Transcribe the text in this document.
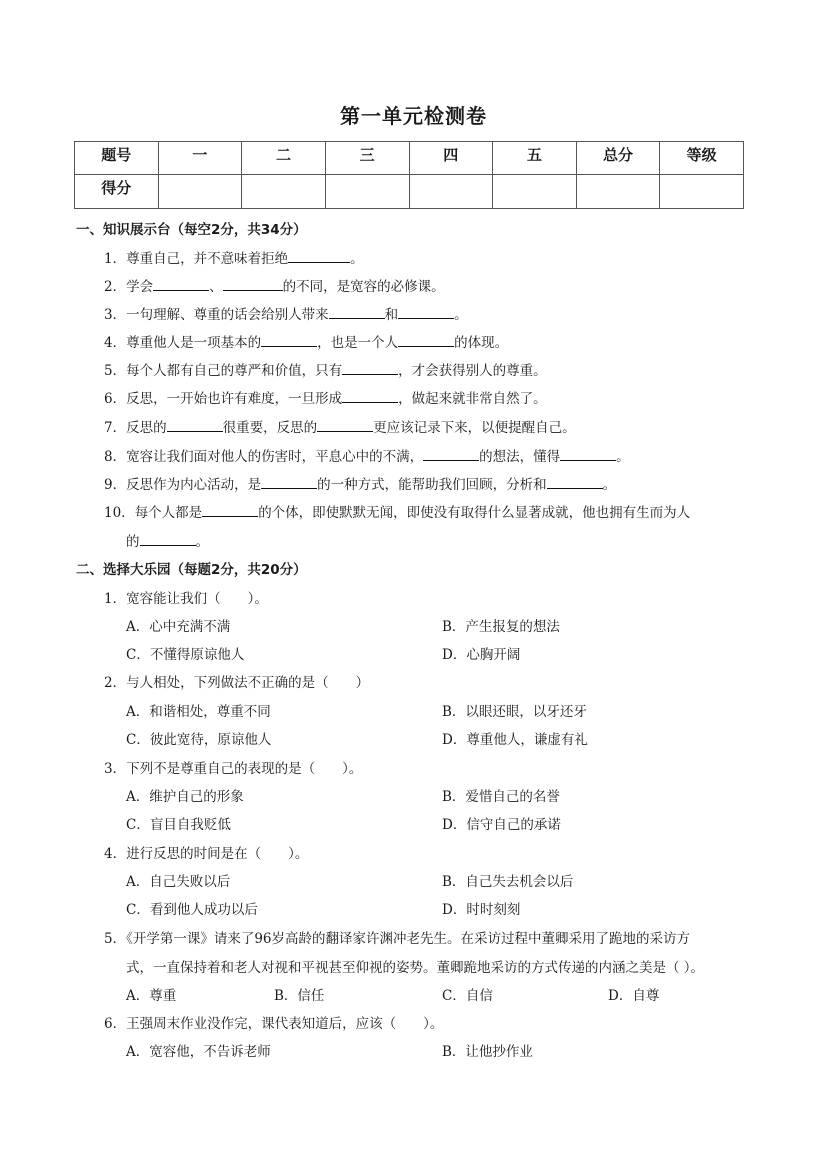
第一单元检测卷
题号	一	二	三	四	五	总分	等级
得分							
一、知识展示台（每空2分，共34分）
1．尊重自己，并不意味着拒绝	。
2．学会	、	的不同，是宽容的必修课。
3．一句理解、尊重的话会给别人带来	和	。
4．尊重他人是一项基本的	，也是一个人	的体现。
5．每个人都有自己的尊严和价值，只有	，才会获得别人的尊重。
6．反思，一开始也许有难度，一旦形成	，做起来就非常自然了。
7．反思的	很重要，反思的	更应该记录下来，以便提醒自己。
8．宽容让我们面对他人的伤害时，平息心中的不满，	的想法，懂得	。
9．反思作为内心活动，是	的一种方式，能帮助我们回顾，分析和	。
10．每个人都是	的个体，即使默默无闻，即使没有取得什么显著成就，他也拥有生而为人
的	。
二、选择大乐园（每题2分，共20分）
1．宽容能让我们（　　）。
A．心中充满不满	B．产生报复的想法
C．不懂得原谅他人	D．心胸开阔
2．与人相处，下列做法不正确的是（　　）
A．和谐相处，尊重不同	B．以眼还眼，以牙还牙
C．彼此宽待，原谅他人	D．尊重他人，谦虚有礼
3．下列不是尊重自己的表现的是（　　）。
A．维护自己的形象	B．爱惜自己的名誉
C．盲目自我贬低	D．信守自己的承诺
4．进行反思的时间是在（　　）。
A．自己失败以后	B．自己失去机会以后
C．看到他人成功以后	D．时时刻刻
5．《开学第一课》请来了96岁高龄的翻译家许渊冲老先生。在采访过程中董卿采用了跪地的采访方
式，一直保持着和老人对视和平视甚至仰视的姿势。董卿跪地采访的方式传递的内涵之美是（ ）。
A．尊重	B．信任	C．自信	D．自尊
6．王强周末作业没作完，课代表知道后，应该（　　）。
A．宽容他，不告诉老师	B．让他抄作业
